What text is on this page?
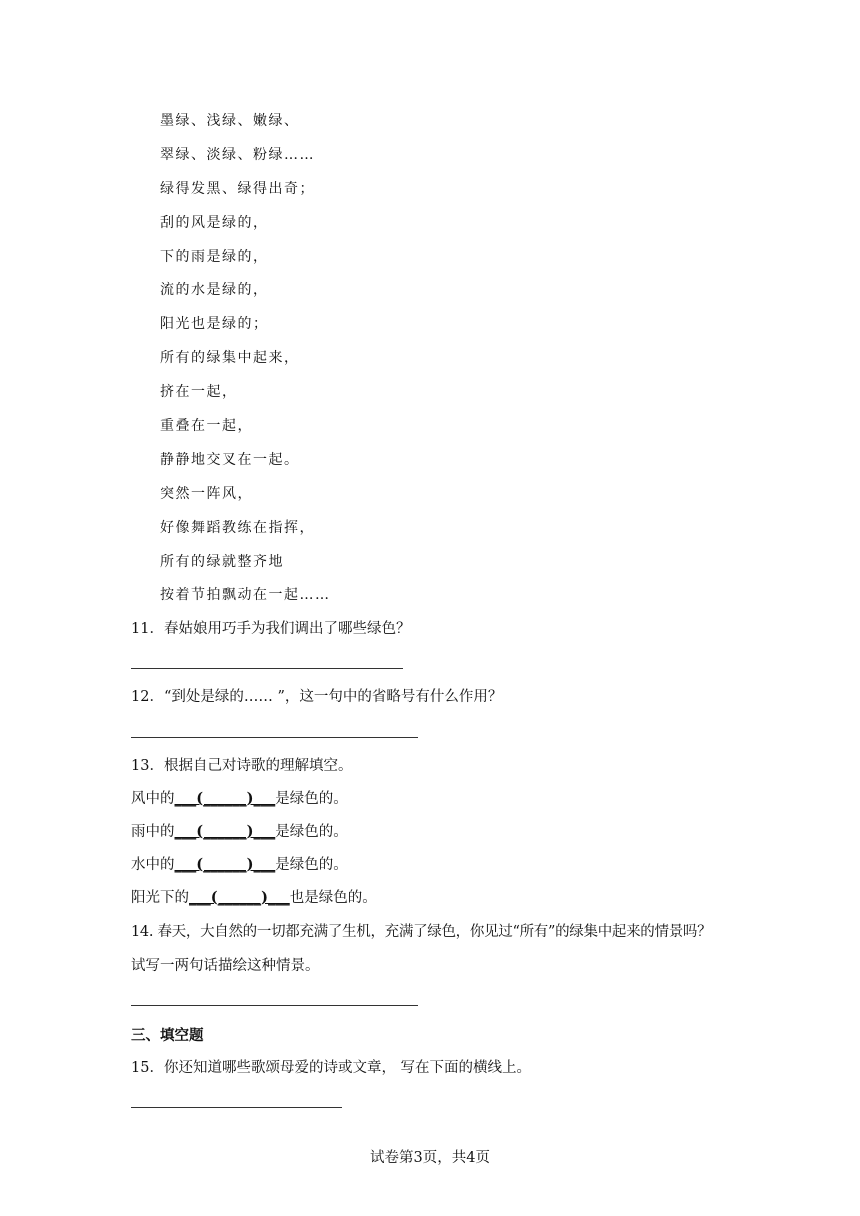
墨绿、浅绿、嫩绿、
翠绿、淡绿、粉绿……
绿得发黑、绿得出奇；
刮的风是绿的，
下的雨是绿的，
流的水是绿的，
阳光也是绿的；
所有的绿集中起来，
挤在一起，
重叠在一起，
静静地交叉在一起。
突然一阵风，
好像舞蹈教练在指挥，
所有的绿就整齐地
按着节拍飘动在一起……
11．春姑娘用巧手为我们调出了哪些绿色？
12．“到处是绿的…… ”，这一句中的省略号有什么作用？
13．根据自己对诗歌的理解填空。
风中的___(______)___是绿色的。
雨中的___(______)___是绿色的。
水中的___(______)___是绿色的。
阳光下的___(______)___也是绿色的。
14. 春天，大自然的一切都充满了生机，充满了绿色，你见过“所有”的绿集中起来的情景吗？
试写一两句话描绘这种情景。
三、填空题
15．你还知道哪些歌颂母爱的诗或文章， 写在下面的横线上。
试卷第3页，共4页
